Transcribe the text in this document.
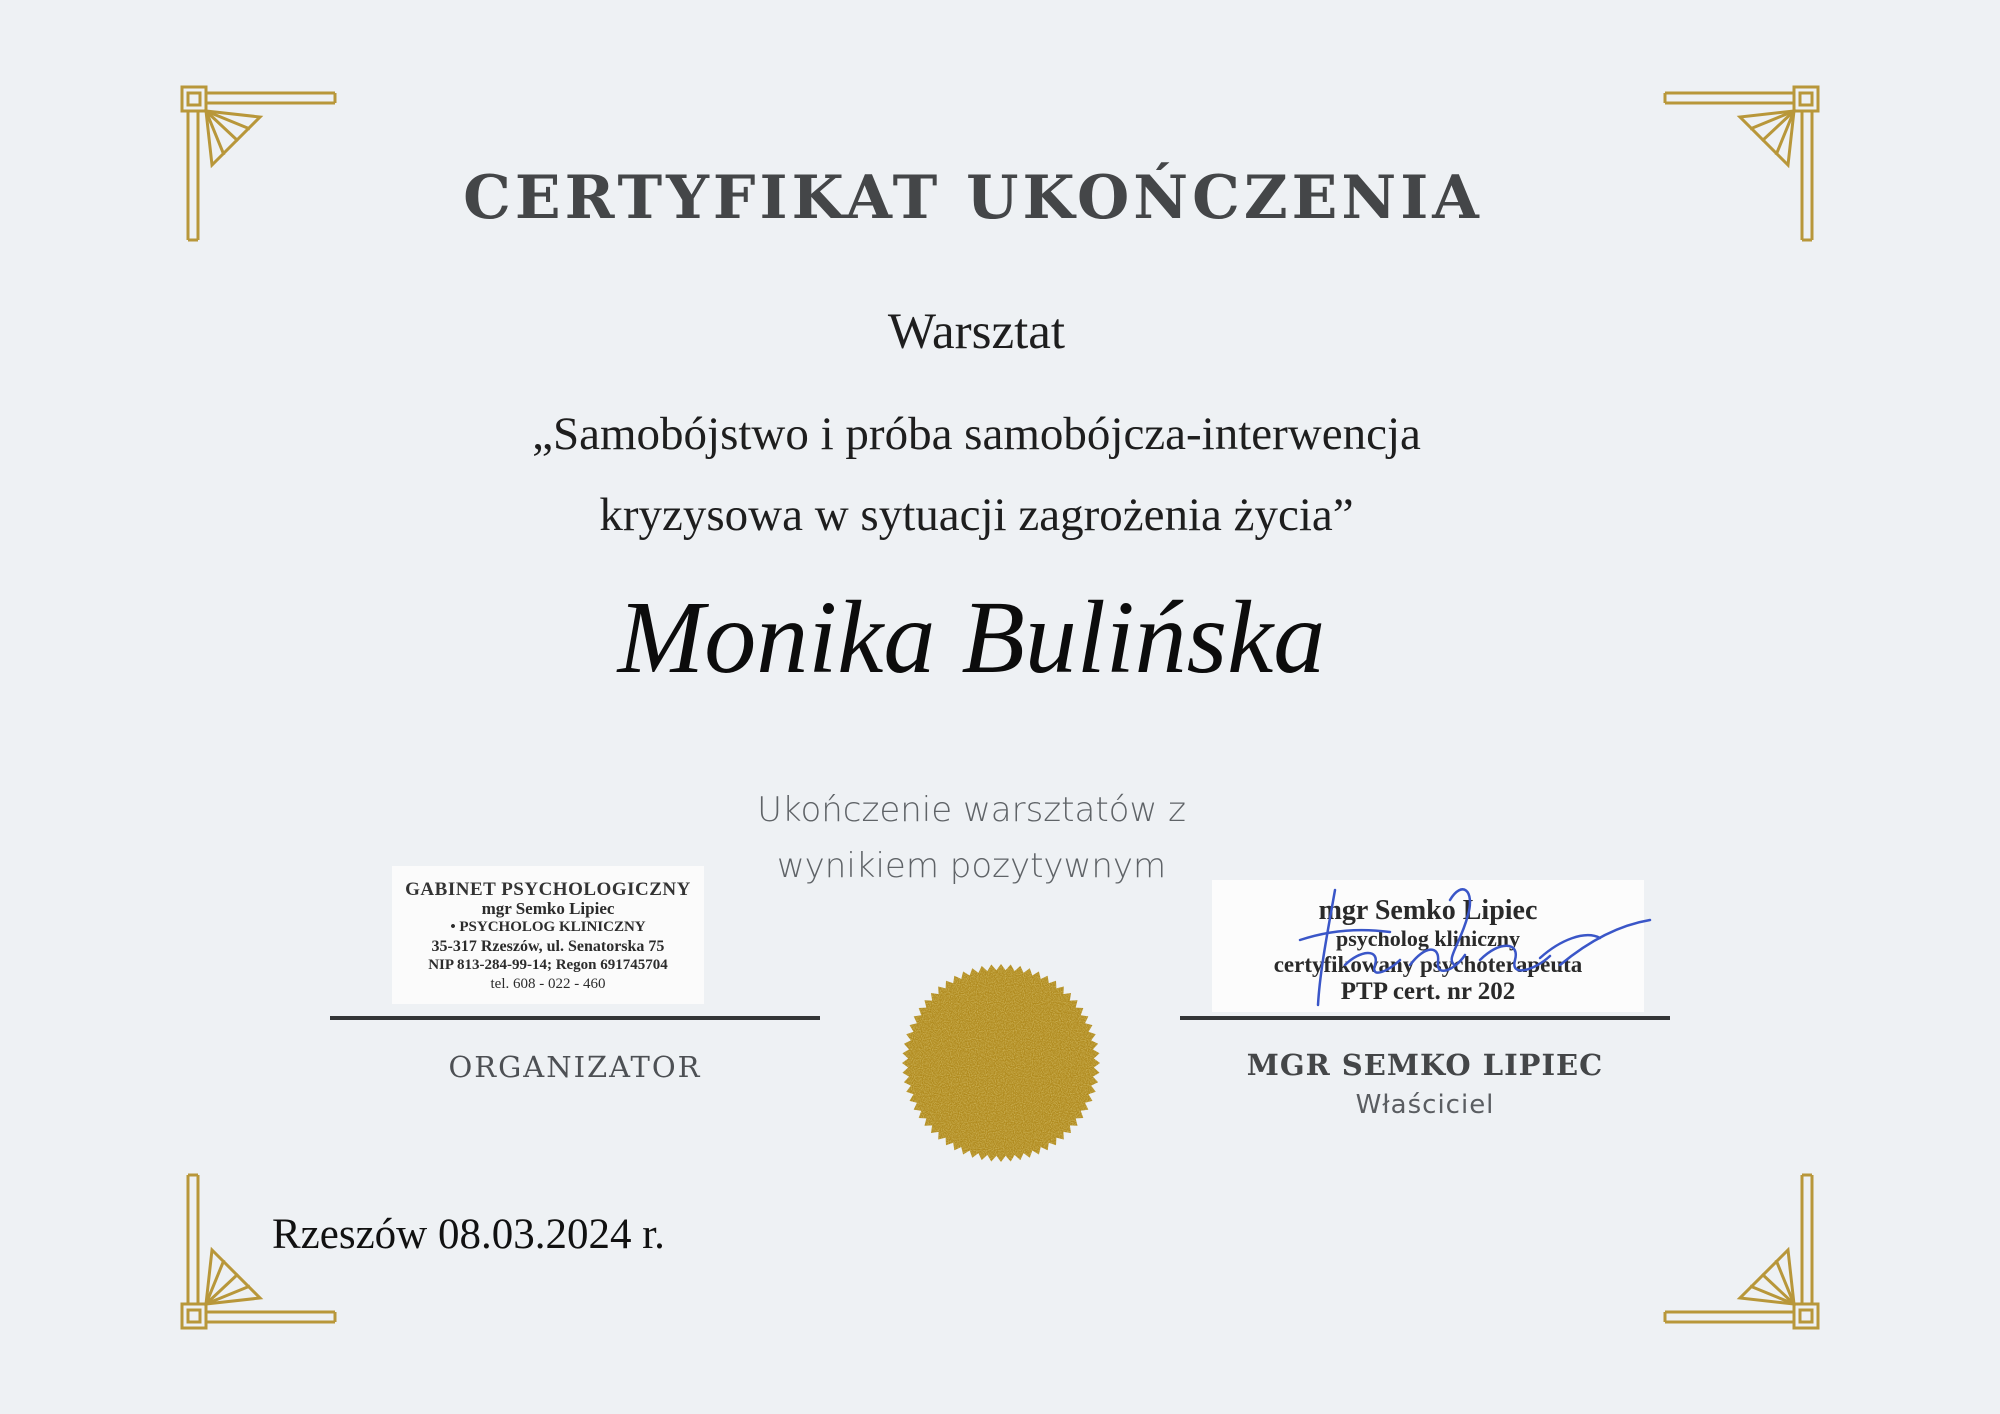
CERTYFIKAT UKOŃCZENIA
Warsztat
„Samobójstwo i próba samobójcza-interwencja
kryzysowa w sytuacji zagrożenia życia”
Monika Bulińska
Ukończenie warsztatów z
wynikiem pozytywnym
GABINET PSYCHOLOGICZNY
mgr Semko Lipiec
• PSYCHOLOG KLINICZNY
35-317 Rzeszów, ul. Senatorska 75
NIP 813-284-99-14; Regon 691745704
tel. 608 - 022 - 460
mgr Semko Lipiec
psycholog kliniczny
certyfikowany psychoterapeuta
PTP cert. nr 202
ORGANIZATOR	MGR SEMKO LIPIEC
Właściciel
Rzeszów 08.03.2024 r.
